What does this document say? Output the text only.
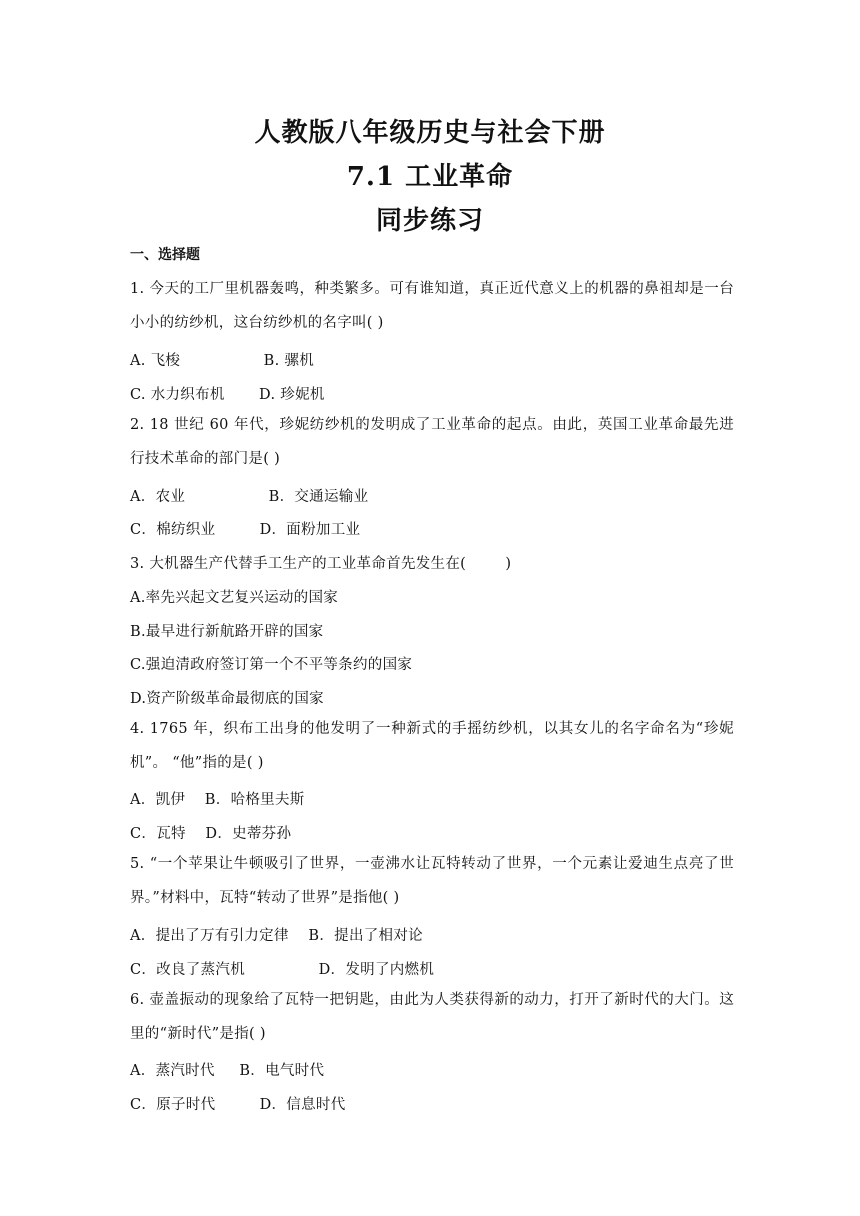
人教版八年级历史与社会下册
7.1 工业革命
同步练习
一、选择题
1. 今天的工厂里机器轰鸣，种类繁多。可有谁知道，真正近代意义上的机器的鼻祖却是一台小小的纺纱机，这台纺纱机的名字叫( )
A. 飞梭                 B. 骡机
C. 水力织布机       D. 珍妮机
2. 18 世纪 60 年代，珍妮纺纱机的发明成了工业革命的起点。由此，英国工业革命最先进行技术革命的部门是( )
A．农业                 B．交通运输业
C．棉纺织业         D．面粉加工业
3. 大机器生产代替手工生产的工业革命首先发生在(        )
A.率先兴起文艺复兴运动的国家
B.最早进行新航路开辟的国家
C.强迫清政府签订第一个不平等条约的国家
D.资产阶级革命最彻底的国家
4. 1765 年，织布工出身的他发明了一种新式的手摇纺纱机，以其女儿的名字命名为“珍妮机”。 “他”指的是( )
A．凯伊    B．哈格里夫斯
C．瓦特    D．史蒂芬孙
5. “一个苹果让牛顿吸引了世界，一壶沸水让瓦特转动了世界，一个元素让爱迪生点亮了世界。”材料中，瓦特“转动了世界”是指他( )
A．提出了万有引力定律    B．提出了相对论
C．改良了蒸汽机               D．发明了内燃机
6. 壶盖振动的现象给了瓦特一把钥匙，由此为人类获得新的动力，打开了新时代的大门。这里的“新时代”是指( )
A．蒸汽时代     B．电气时代
C．原子时代         D．信息时代
